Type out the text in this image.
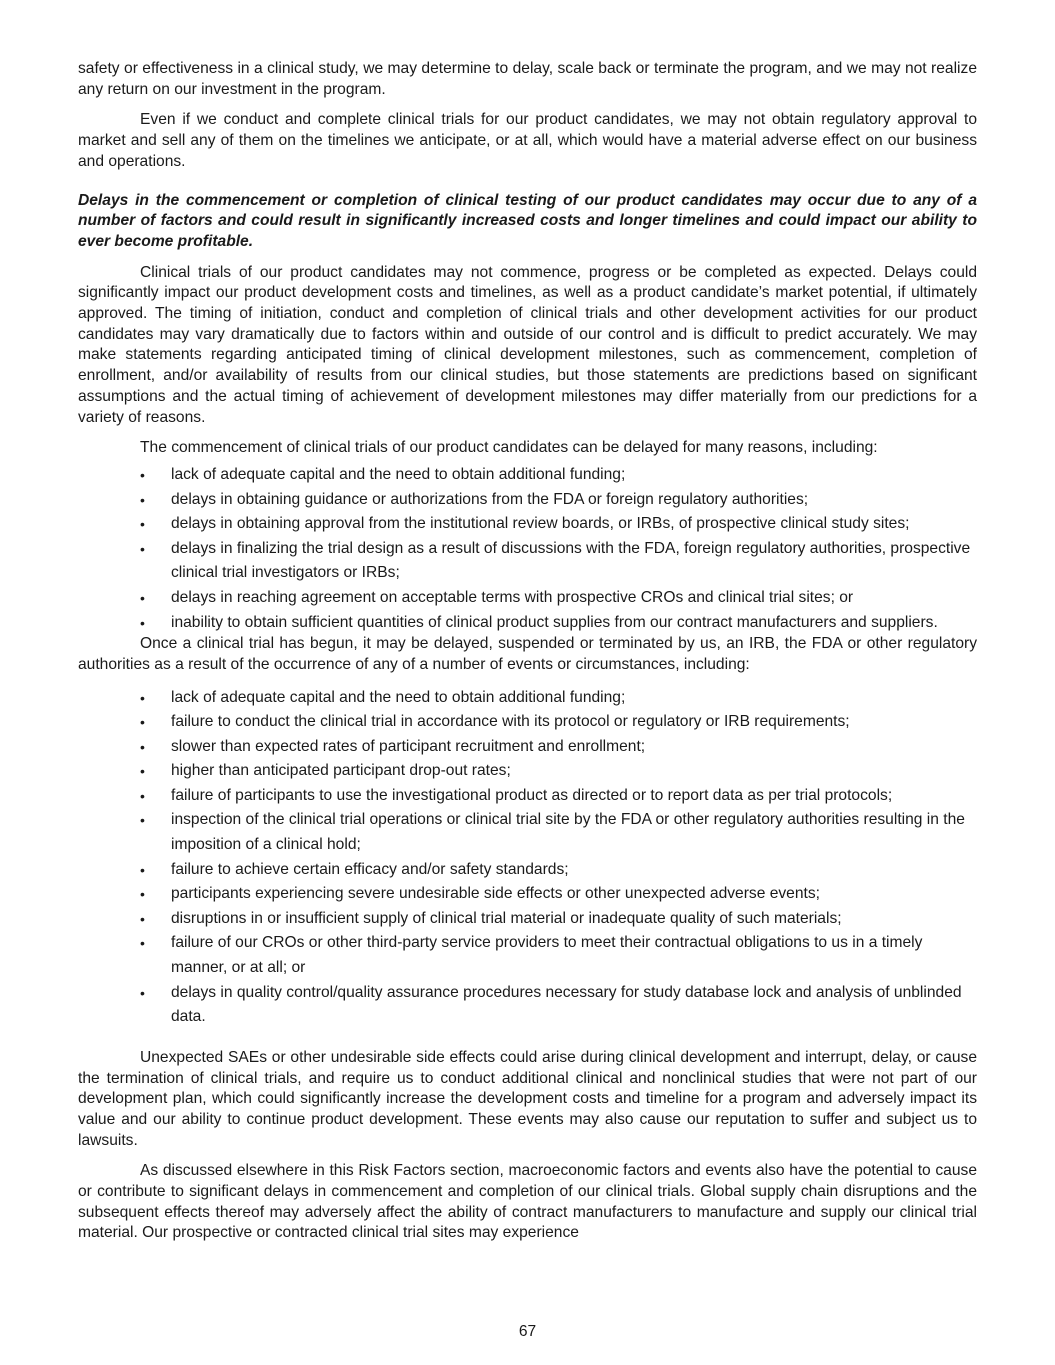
safety or effectiveness in a clinical study, we may determine to delay, scale back or terminate the program, and we may not realize any return on our investment in the program.

Even if we conduct and complete clinical trials for our product candidates, we may not obtain regulatory approval to market and sell any of them on the timelines we anticipate, or at all, which would have a material adverse effect on our business and operations.

Delays in the commencement or completion of clinical testing of our product candidates may occur due to any of a number of factors and could result in significantly increased costs and longer timelines and could impact our ability to ever become profitable.

Clinical trials of our product candidates may not commence, progress or be completed as expected. Delays could significantly impact our product development costs and timelines, as well as a product candidate’s market potential, if ultimately approved. The timing of initiation, conduct and completion of clinical trials and other development activities for our product candidates may vary dramatically due to factors within and outside of our control and is difficult to predict accurately. We may make statements regarding anticipated timing of clinical development milestones, such as commencement, completion of enrollment, and/or availability of results from our clinical studies, but those statements are predictions based on significant assumptions and the actual timing of achievement of development milestones may differ materially from our predictions for a variety of reasons.

The commencement of clinical trials of our product candidates can be delayed for many reasons, including:

• lack of adequate capital and the need to obtain additional funding;
• delays in obtaining guidance or authorizations from the FDA or foreign regulatory authorities;
• delays in obtaining approval from the institutional review boards, or IRBs, of prospective clinical study sites;
• delays in finalizing the trial design as a result of discussions with the FDA, foreign regulatory authorities, prospective clinical trial investigators or IRBs;
• delays in reaching agreement on acceptable terms with prospective CROs and clinical trial sites; or
• inability to obtain sufficient quantities of clinical product supplies from our contract manufacturers and suppliers.

Once a clinical trial has begun, it may be delayed, suspended or terminated by us, an IRB, the FDA or other regulatory authorities as a result of the occurrence of any of a number of events or circumstances, including:

• lack of adequate capital and the need to obtain additional funding;
• failure to conduct the clinical trial in accordance with its protocol or regulatory or IRB requirements;
• slower than expected rates of participant recruitment and enrollment;
• higher than anticipated participant drop-out rates;
• failure of participants to use the investigational product as directed or to report data as per trial protocols;
• inspection of the clinical trial operations or clinical trial site by the FDA or other regulatory authorities resulting in the imposition of a clinical hold;
• failure to achieve certain efficacy and/or safety standards;
• participants experiencing severe undesirable side effects or other unexpected adverse events;
• disruptions in or insufficient supply of clinical trial material or inadequate quality of such materials;
• failure of our CROs or other third-party service providers to meet their contractual obligations to us in a timely manner, or at all; or
• delays in quality control/quality assurance procedures necessary for study database lock and analysis of unblinded data.

Unexpected SAEs or other undesirable side effects could arise during clinical development and interrupt, delay, or cause the termination of clinical trials, and require us to conduct additional clinical and nonclinical studies that were not part of our development plan, which could significantly increase the development costs and timeline for a program and adversely impact its value and our ability to continue product development. These events may also cause our reputation to suffer and subject us to lawsuits.

As discussed elsewhere in this Risk Factors section, macroeconomic factors and events also have the potential to cause or contribute to significant delays in commencement and completion of our clinical trials. Global supply chain disruptions and the subsequent effects thereof may adversely affect the ability of contract manufacturers to manufacture and supply our clinical trial material. Our prospective or contracted clinical trial sites may experience

67
